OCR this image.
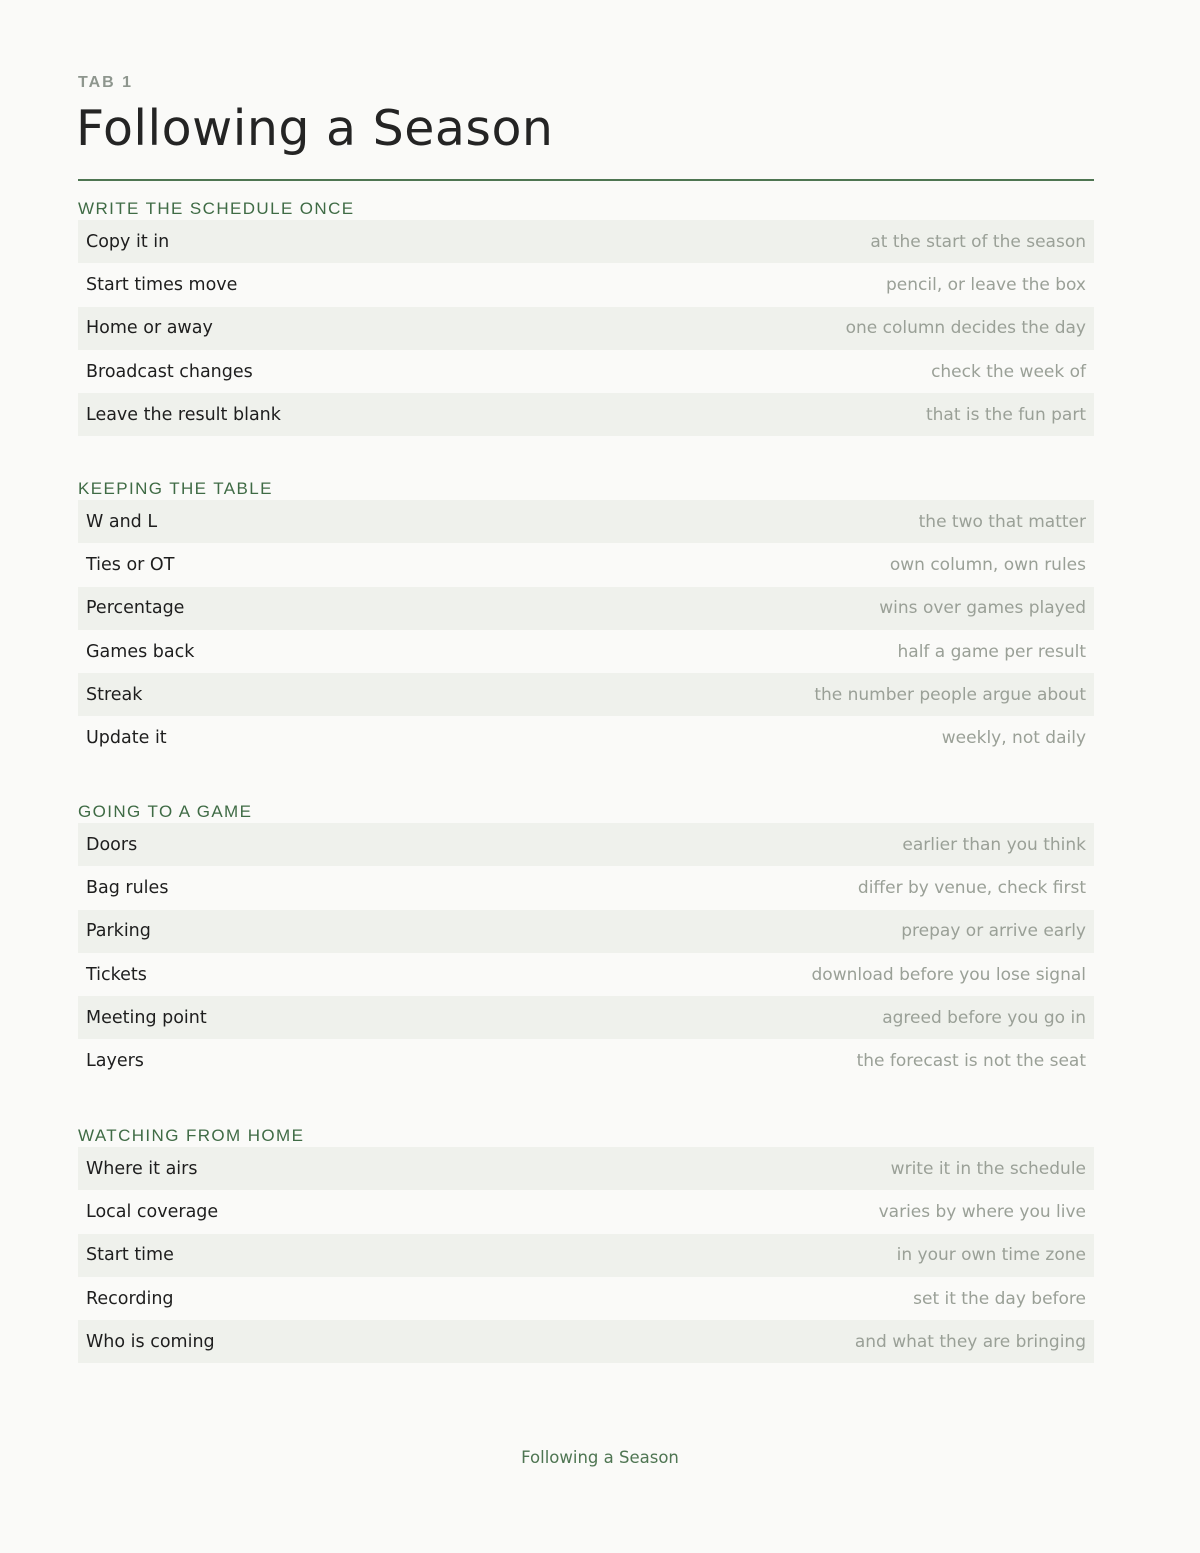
TAB 1
Following a Season
WRITE THE SCHEDULE ONCE
Copy it in	at the start of the season
Start times move	pencil, or leave the box
Home or away	one column decides the day
Broadcast changes	check the week of
Leave the result blank	that is the fun part
KEEPING THE TABLE
W and L	the two that matter
Ties or OT	own column, own rules
Percentage	wins over games played
Games back	half a game per result
Streak	the number people argue about
Update it	weekly, not daily
GOING TO A GAME
Doors	earlier than you think
Bag rules	differ by venue, check first
Parking	prepay or arrive early
Tickets	download before you lose signal
Meeting point	agreed before you go in
Layers	the forecast is not the seat
WATCHING FROM HOME
Where it airs	write it in the schedule
Local coverage	varies by where you live
Start time	in your own time zone
Recording	set it the day before
Who is coming	and what they are bringing
Following a Season
